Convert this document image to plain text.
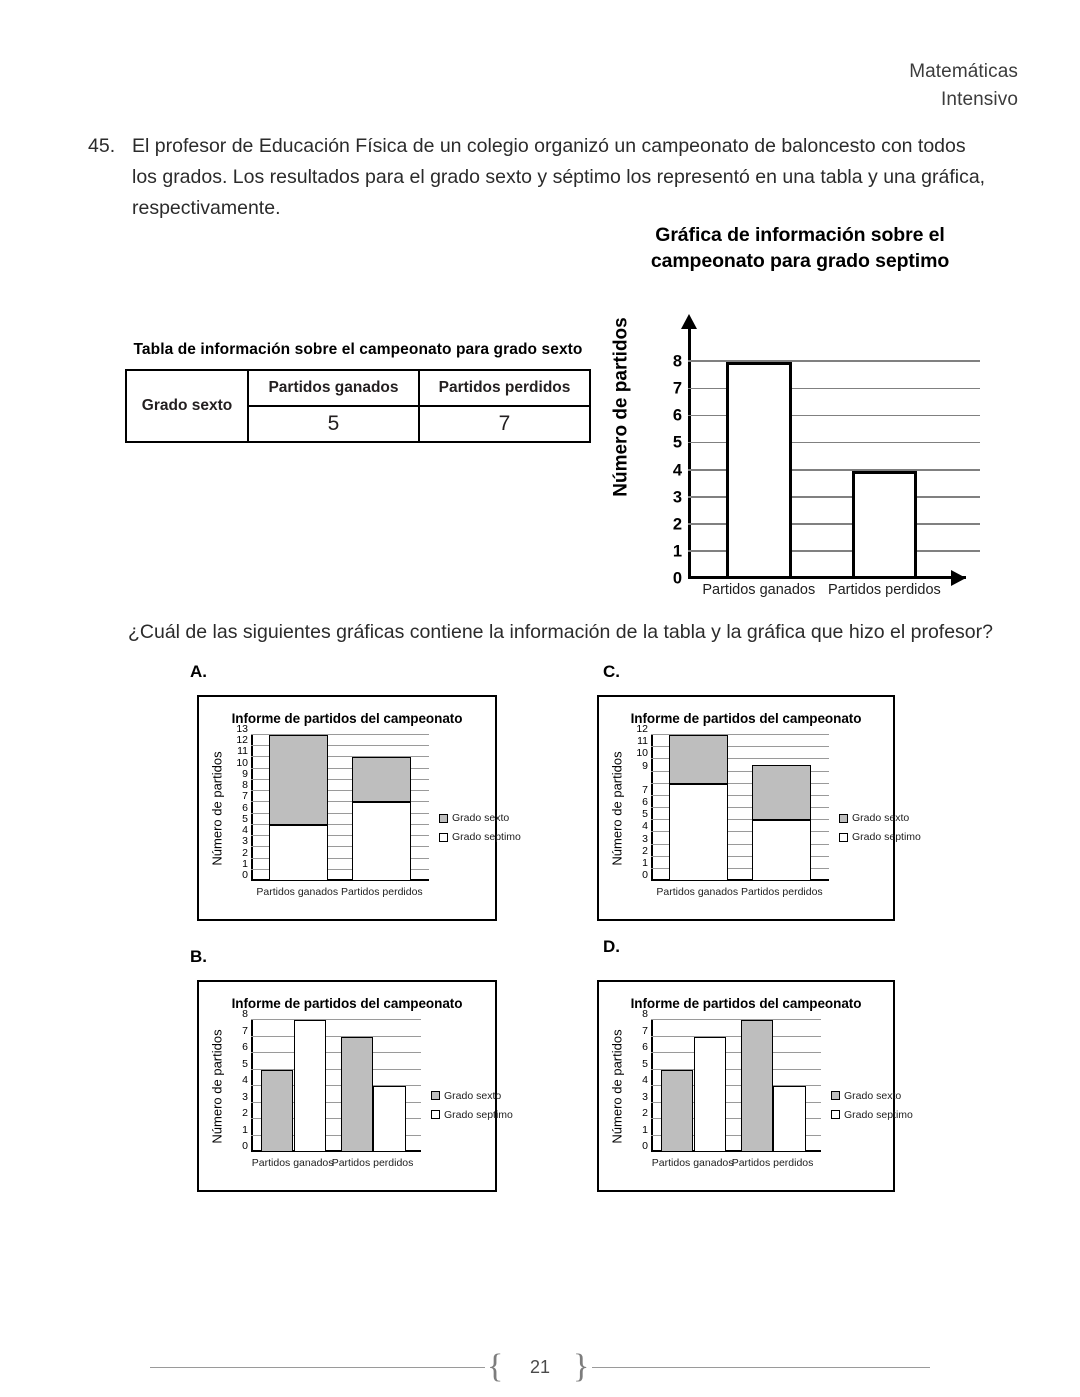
Matemáticas
Intensivo
45. El profesor de Educación Física de un colegio organizó un campeonato de baloncesto con todos los grados. Los resultados para el grado sexto y séptimo los representó en una tabla y una gráfica, respectivamente.
Tabla de información sobre el campeonato para grado sexto
Grado sexto	Partidos ganados	Partidos perdidos
	5	7
Gráfica de información sobre el campeonato para grado septimo
Número de partidos
0
1
2
3
4
5
6
7
8
Partidos ganados Partidos perdidos
¿Cuál de las siguientes gráficas contiene la información de la tabla y la gráfica que hizo el profesor?
A.
Informe de partidos del campeonato
Número de partidos
13
12
11
10
9
8
7
6
5
4
3
2
1
0
Partidos ganados Partidos perdidos
Grado sexto
Grado septimo
B.
Informe de partidos del campeonato
Número de partidos
8
7
6
5
4
3
2
1
0
Partidos ganados
Partidos perdidos
Grado sexto
Grado septimo
C.
Informe de partidos del campeonato
Número de partidos
12
11
10
9
7
6
5
4
3
2
1
0
Partidos ganados Partidos perdidos
Grado sexto
Grado septimo
D.
Informe de partidos del campeonato
Número de partidos
8
7
6
5
4
3
2
1
0
Partidos ganados
Partidos perdidos
Grado sexto
Grado septimo
{	21 }
